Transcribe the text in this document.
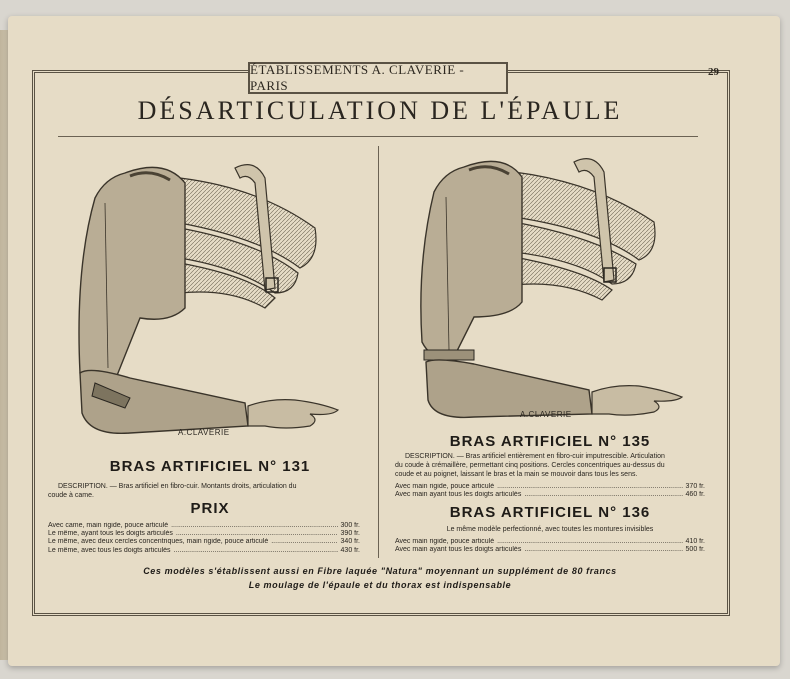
ÉTABLISSEMENTS A. CLAVERIE - PARIS
29
DÉSARTICULATION DE L'ÉPAULE
A.CLAVERIE
A.CLAVERIE
BRAS ARTIFICIEL N° 131
DESCRIPTION. — Bras artificiel en fibro-cuir. Montants droits, articulation du
coude à came.
PRIX
Avec came, main rigide, pouce articulé .....	300 fr.
Le même, ayant tous les doigts articulés .....	390 fr.
Le même, avec deux cercles concentriques, main rigide, pouce articulé .....	340 fr.
Le même, avec tous les doigts articulés .....	430 fr.
BRAS ARTIFICIEL N° 135
DESCRIPTION. — Bras artificiel entièrement en fibro-cuir imputrescible. Articulation
du coude à crémaillère, permettant cinq positions. Cercles concentriques au-dessus du
coude et au poignet, laissant le bras et la main se mouvoir dans tous les sens.
Avec main rigide, pouce articulé .....	370 fr.
Avec main ayant tous les doigts articulés .....	460 fr.
BRAS ARTIFICIEL N° 136
Le même modèle perfectionné, avec toutes les montures invisibles
Avec main rigide, pouce articulé .....	410 fr.
Avec main ayant tous les doigts articulés .....	500 fr.
Ces modèles s'établissent aussi en Fibre laquée "Natura" moyennant un supplément de 80 francs
Le moulage de l'épaule et du thorax est indispensable
